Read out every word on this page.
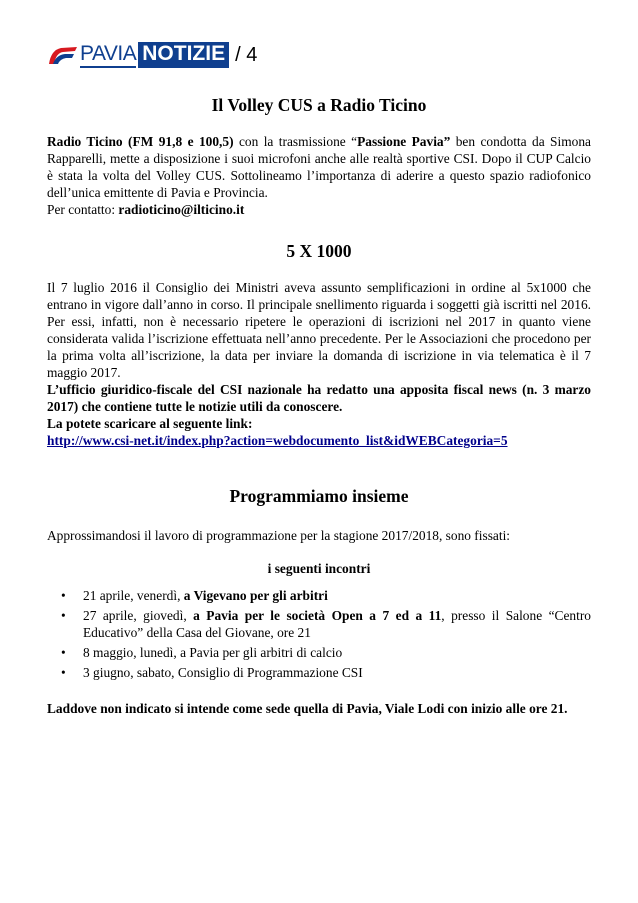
PAVIA NOTIZIE / 4
Il Volley CUS a Radio Ticino

Radio Ticino (FM 91,8 e 100,5) con la trasmissione “Passione Pavia” ben condotta da Simona Rapparelli, mette a disposizione i suoi microfoni anche alle realtà sportive CSI. Dopo il CUP Calcio è stata la volta del Volley CUS. Sottolineamo l’importanza di aderire a questo spazio radiofonico dell’unica emittente di Pavia e Provincia.

Per contatto: radioticino@ilticino.it

5 X 1000

Il 7 luglio 2016 il Consiglio dei Ministri aveva assunto semplificazioni in ordine al 5x1000 che entrano in vigore dall’anno in corso. Il principale snellimento riguarda i soggetti già iscritti nel 2016. Per essi, infatti, non è necessario ripetere le operazioni di iscrizioni nel 2017 in quanto viene considerata valida l’iscrizione effettuata nell’anno precedente. Per le Associazioni che procedono per la prima volta all’iscrizione, la data per inviare la domanda di iscrizione in via telematica è il 7 maggio 2017.

L’ufficio giuridico-fiscale del CSI nazionale ha redatto una apposita fiscal news (n. 3 marzo 2017) che contiene tutte le notizie utili da conoscere.

La potete scaricare al seguente link:

http://www.csi-net.it/index.php?action=webdocumento_list&idWEBCategoria=5

Programmiamo insieme

Approssimandosi il lavoro di programmazione per la stagione 2017/2018, sono fissati:

i seguenti incontri

• 21 aprile, venerdì, a Vigevano per gli arbitri
• 27 aprile, giovedì, a Pavia per le società Open a 7 ed a 11, presso il Salone “Centro Educativo” della Casa del Giovane, ore 21
• 8 maggio, lunedì, a Pavia per gli arbitri di calcio
• 3 giugno, sabato, Consiglio di Programmazione CSI

Laddove non indicato si intende come sede quella di Pavia, Viale Lodi con inizio alle ore 21.
